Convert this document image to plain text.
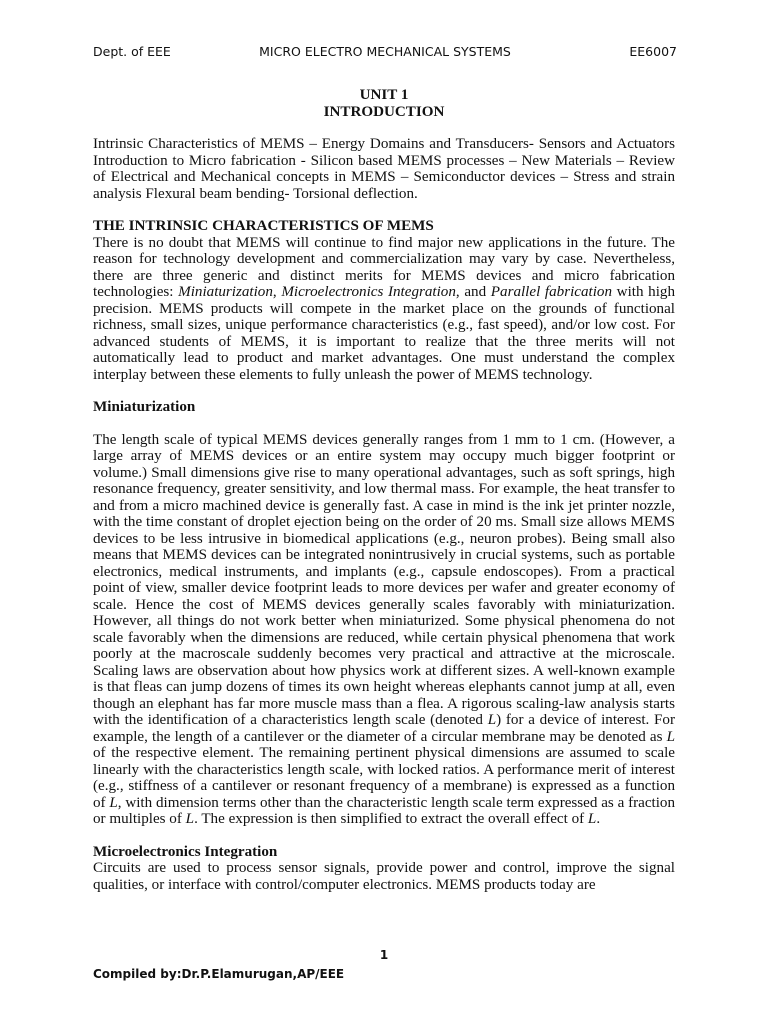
Dept. of EEE	MICRO ELECTRO MECHANICAL SYSTEMS	EE6007

UNIT 1

INTRODUCTION

Intrinsic Characteristics of MEMS – Energy Domains and Transducers- Sensors and Actuators Introduction to Micro fabrication - Silicon based MEMS processes – New Materials – Review of Electrical and Mechanical concepts in MEMS – Semiconductor devices – Stress and strain analysis Flexural beam bending- Torsional deflection.

THE INTRINSIC CHARACTERISTICS OF MEMS

There is no doubt that MEMS will continue to find major new applications in the future. The reason for technology development and commercialization may vary by case. Nevertheless, there are three generic and distinct merits for MEMS devices and micro fabrication technologies: Miniaturization, Microelectronics Integration, and Parallel fabrication with high precision. MEMS products will compete in the market place on the grounds of functional richness, small sizes, unique performance characteristics (e.g., fast speed), and/or low cost. For advanced students of MEMS, it is important to realize that the three merits will not automatically lead to product and market advantages. One must understand the complex interplay between these elements to fully unleash the power of MEMS technology.

Miniaturization

The length scale of typical MEMS devices generally ranges from 1 mm to 1 cm. (However, a large array of MEMS devices or an entire system may occupy much bigger footprint or volume.) Small dimensions give rise to many operational advantages, such as soft springs, high resonance frequency, greater sensitivity, and low thermal mass. For example, the heat transfer to and from a micro machined device is generally fast. A case in mind is the ink jet printer nozzle, with the time constant of droplet ejection being on the order of 20 ms. Small size allows MEMS devices to be less intrusive in biomedical applications (e.g., neuron probes). Being small also means that MEMS devices can be integrated nonintrusively in crucial systems, such as portable electronics, medical instruments, and implants (e.g., capsule endoscopes). From a practical point of view, smaller device footprint leads to more devices per wafer and greater economy of scale. Hence the cost of MEMS devices generally scales favorably with miniaturization. However, all things do not work better when miniaturized. Some physical phenomena do not scale favorably when the dimensions are reduced, while certain physical phenomena that work poorly at the macroscale suddenly becomes very practical and attractive at the microscale. Scaling laws are observation about how physics work at different sizes. A well-known example is that fleas can jump dozens of times its own height whereas elephants cannot jump at all, even though an elephant has far more muscle mass than a flea. A rigorous scaling-law analysis starts with the identification of a characteristics length scale (denoted L) for a device of interest. For example, the length of a cantilever or the diameter of a circular membrane may be denoted as L of the respective element. The remaining pertinent physical dimensions are assumed to scale linearly with the characteristics length scale, with locked ratios. A performance merit of interest (e.g., stiffness of a cantilever or resonant frequency of a membrane) is expressed as a function of L, with dimension terms other than the characteristic length scale term expressed as a fraction or multiples of L. The expression is then simplified to extract the overall effect of L.

Microelectronics Integration

Circuits are used to process sensor signals, provide power and control, improve the signal qualities, or interface with control/computer electronics. MEMS products today are

1
Compiled by:Dr.P.Elamurugan,AP/EEE
